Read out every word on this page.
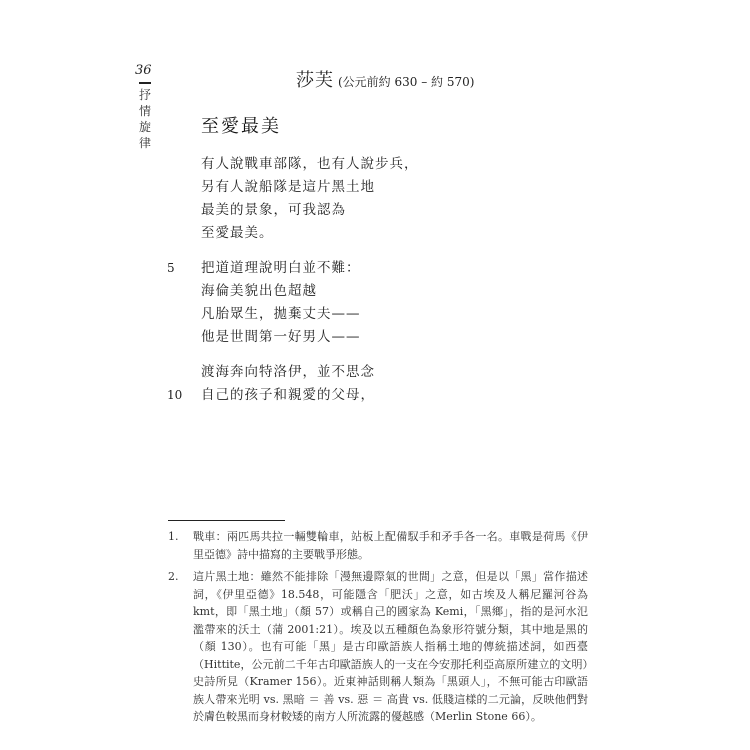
36
抒
情
旋
律
莎芙 (公元前約 630 – 約 570)
至愛最美
有人說戰車部隊，也有人說步兵，
另有人說船隊是這片黑土地
最美的景象，可我認為
至愛最美。
5 把道道理說明白並不難：
海倫美貌出色超越
凡胎眾生，拋棄丈夫——
他是世間第一好男人——
渡海奔向特洛伊，並不思念
10 自己的孩子和親愛的父母，
1. 戰車：兩匹馬共拉一輛雙輪車，站板上配備馭手和矛手各一名。車戰是荷馬《伊里亞德》詩中描寫的主要戰爭形態。
2. 這片黑土地：雖然不能排除「漫無邊際氣的世間」之意，但是以「黑」當作描述詞，《伊里亞德》18.548，可能隱含「肥沃」之意，如古埃及人稱尼羅河谷為 kmt，即「黑土地」（顏 57）或稱自己的國家為 Kemi，「黑鄉」，指的是河水氾濫帶來的沃土（蒲 2001:21）。埃及以五種顏色為象形符號分類，其中地是黑的（顏 130）。也有可能「黑」是古印歐語族人指稱土地的傳統描述詞，如西臺（Hittite，公元前二千年古印歐語族人的一支在今安那托利亞高原所建立的文明）史詩所見（Kramer 156）。近東神話則稱人類為「黑頭人」，不無可能古印歐語族人帶來光明 vs. 黑暗 ＝ 善 vs. 惡 ＝ 高貴 vs. 低賤這樣的二元論，反映他們對於膚色較黑而身材較矮的南方人所流露的優越感（Merlin Stone 66）。
